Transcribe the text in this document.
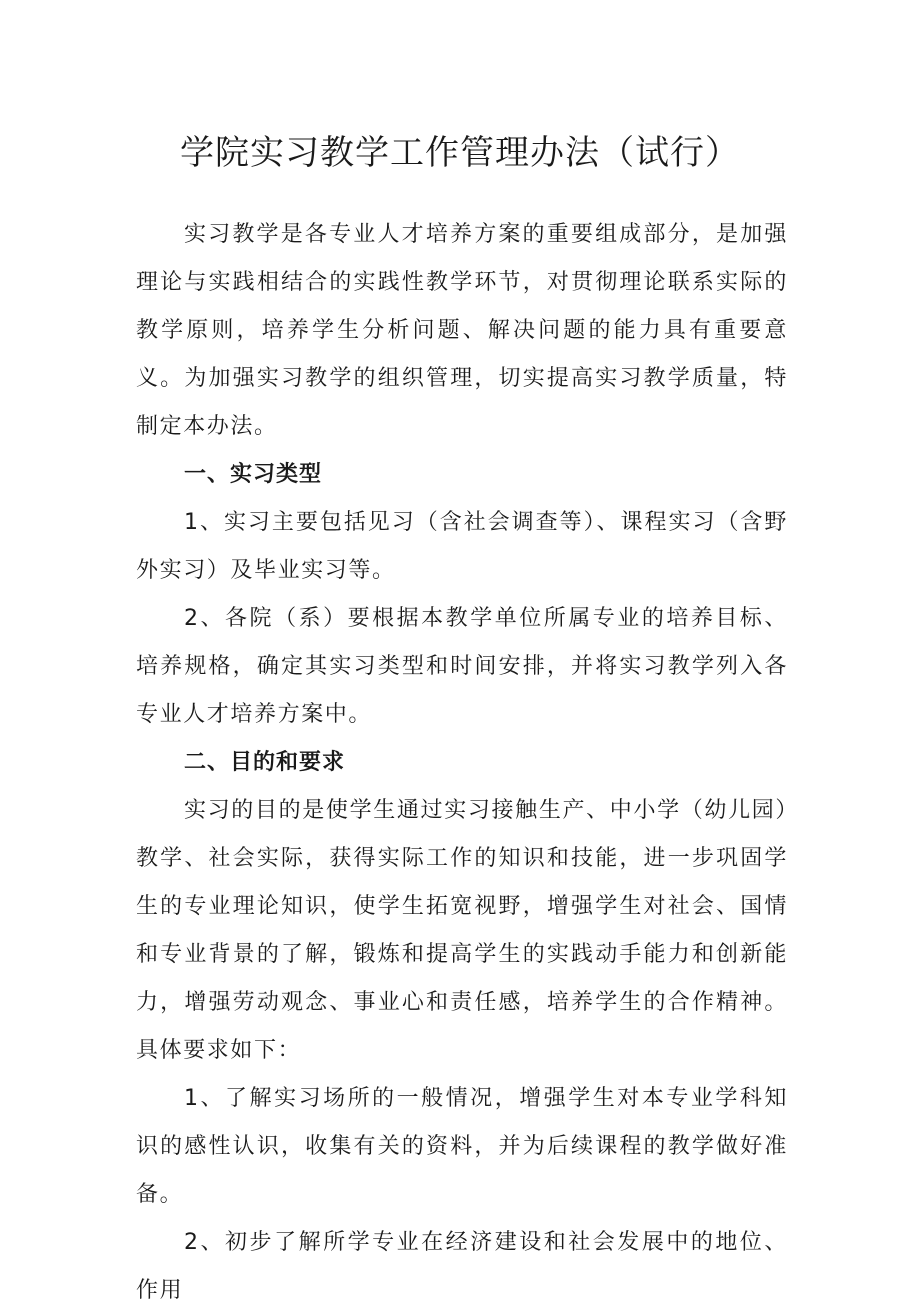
学院实习教学工作管理办法（试行）

实习教学是各专业人才培养方案的重要组成部分，是加强理论与实践相结合的实践性教学环节，对贯彻理论联系实际的教学原则，培养学生分析问题、解决问题的能力具有重要意义。为加强实习教学的组织管理，切实提高实习教学质量，特制定本办法。

一、实习类型

1、实习主要包括见习（含社会调查等）、课程实习（含野外实习）及毕业实习等。

2、各院（系）要根据本教学单位所属专业的培养目标、培养规格，确定其实习类型和时间安排，并将实习教学列入各专业人才培养方案中。

二、目的和要求

实习的目的是使学生通过实习接触生产、中小学（幼儿园）教学、社会实际，获得实际工作的知识和技能，进一步巩固学生的专业理论知识，使学生拓宽视野，增强学生对社会、国情和专业背景的了解，锻炼和提高学生的实践动手能力和创新能力，增强劳动观念、事业心和责任感，培养学生的合作精神。具体要求如下：

1、了解实习场所的一般情况，增强学生对本专业学科知识的感性认识，收集有关的资料，并为后续课程的教学做好准备。

2、初步了解所学专业在经济建设和社会发展中的地位、作用
